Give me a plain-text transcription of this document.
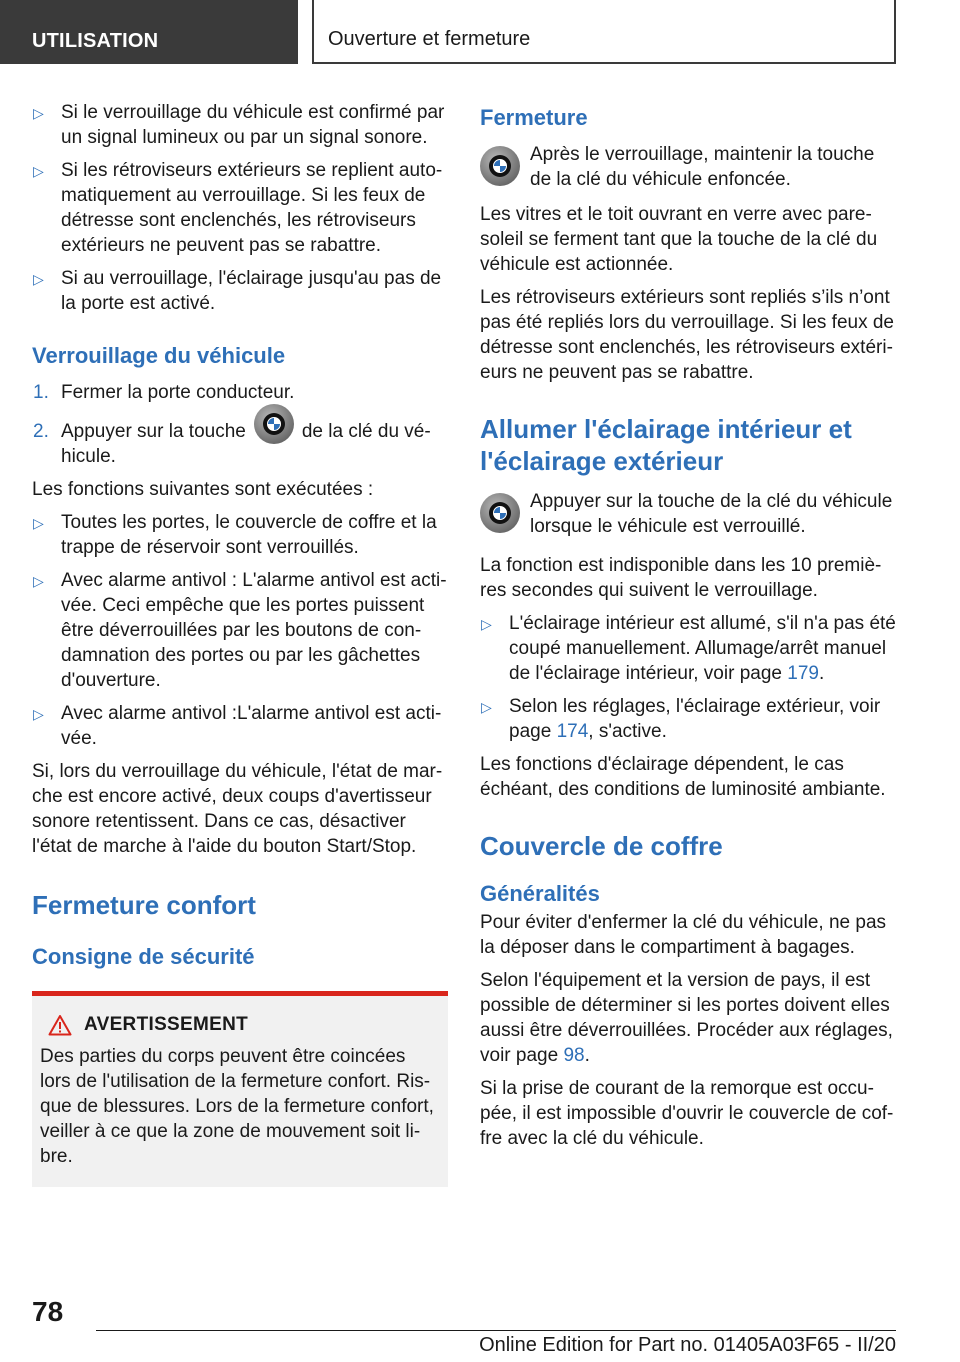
UTILISATION	Ouverture et fermeture
▷ Si le verrouillage du véhicule est confirmé par un signal lumineux ou par un signal sonore.
▷ Si les rétroviseurs extérieurs se replient automatiquement au verrouillage. Si les feux de détresse sont enclenchés, les rétroviseurs extérieurs ne peuvent pas se rabattre.
▷ Si au verrouillage, l'éclairage jusqu'au pas de la porte est activé.
Verrouillage du véhicule
1. Fermer la porte conducteur.
2. Appuyer sur la touche	de la clé du véhicule.

Les fonctions suivantes sont exécutées :

▷ Toutes les portes, le couvercle de coffre et la trappe de réservoir sont verrouillés.
▷ Avec alarme antivol : L'alarme antivol est activée. Ceci empêche que les portes puissent être déverrouillées par les boutons de condamnation des portes ou par les gâchettes d'ouverture.
▷ Avec alarme antivol :L'alarme antivol est activée.

Si, lors du verrouillage du véhicule, l'état de marche est encore activé, deux coups d'avertisseur sonore retentissent. Dans ce cas, désactiver l'état de marche à l'aide du bouton Start/Stop.

Fermeture confort
Consigne de sécurité
AVERTISSEMENT

Des parties du corps peuvent être coincées lors de l'utilisation de la fermeture confort. Risque de blessures. Lors de la fermeture confort, veiller à ce que la zone de mouvement soit libre.

Fermeture
Après le verrouillage, maintenir la touche de la clé du véhicule enfoncée.

Les vitres et le toit ouvrant en verre avec pare-soleil se ferment tant que la touche de la clé du véhicule est actionnée.

Les rétroviseurs extérieurs sont repliés s’ils n’ont pas été repliés lors du verrouillage. Si les feux de détresse sont enclenchés, les rétroviseurs extérieurs ne peuvent pas se rabattre.

Allumer l'éclairage intérieur et l'éclairage extérieur
Appuyer sur la touche de la clé du véhicule lorsque le véhicule est verrouillé.

La fonction est indisponible dans les 10 premières secondes qui suivent le verrouillage.

▷ L'éclairage intérieur est allumé, s'il n'a pas été coupé manuellement. Allumage/arrêt manuel de l'éclairage intérieur, voir page 179.
▷ Selon les réglages, l'éclairage extérieur, voir page 174, s'active.

Les fonctions d'éclairage dépendent, le cas échéant, des conditions de luminosité ambiante.

Couvercle de coffre
Généralités

Pour éviter d'enfermer la clé du véhicule, ne pas la déposer dans le compartiment à bagages.

Selon l'équipement et la version de pays, il est possible de déterminer si les portes doivent elles aussi être déverrouillées. Procéder aux réglages, voir page 98.

Si la prise de courant de la remorque est occupée, il est impossible d'ouvrir le couvercle de coffre avec la clé du véhicule.

78
Online Edition for Part no. 01405A03F65 - II/20
